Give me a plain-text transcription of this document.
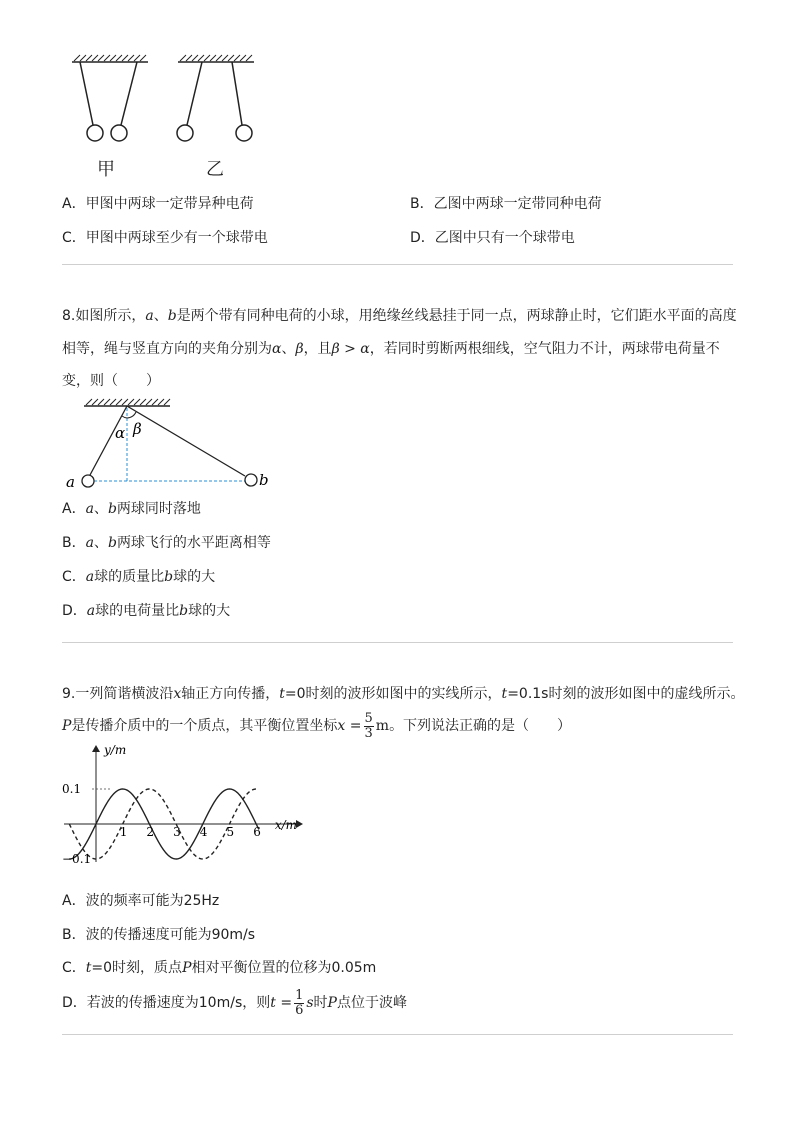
甲	乙
A．甲图中两球一定带异种电荷	B．乙图中两球一定带同种电荷
C．甲图中两球至少有一个球带电	D．乙图中只有一个球带电
8.如图所示，a、b是两个带有同种电荷的小球，用绝缘丝线悬挂于同一点，两球静止时，它们距水平面的高度
相等，绳与竖直方向的夹角分别为α、β，且β > α，若同时剪断两根细线，空气阻力不计，两球带电荷量不
变，则（　　）
α β
a	b
A．a、b两球同时落地
B．a、b两球飞行的水平距离相等
C．a球的质量比b球的大
D．a球的电荷量比b球的大
9.一列简谐横波沿x轴正方向传播，t=0时刻的波形如图中的实线所示，t=0.1s时刻的波形如图中的虚线所示。
P是传播介质中的一个质点，其平衡位置坐标$x = \frac{5}{3}$ m。下列说法正确的是（　　）
1 2 3 4 5 6
0.1
−0.1
x/m
y/m
A．波的频率可能为25Hz
B．波的传播速度可能为90m/s
C．t=0时刻，质点P相对平衡位置的位移为0.05m
D．若波的传播速度为10m/s，则$t = \frac{1}{6}$ s时P点位于波峰
